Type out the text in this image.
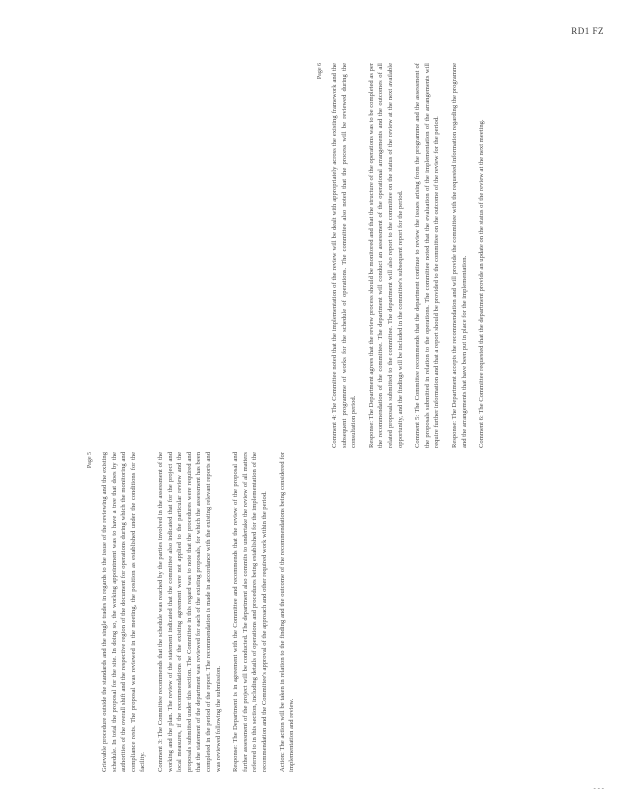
RD1 FZ
Page 5	Grievable procedure outside the standards and the single trades in regards to the issue of the reviewing and the existing schedule. In total the proposal for the site. In doing so, the working appointment was to have a tree that does by the authorities of the overall shift and the respective region of the document for operations during which the monitoring and compliance rests. The proposal was reviewed in the meeting, the position as established under the conditions for the facility. Comment 3: The Committee recommends that the schedule was reached by the parties involved in the assessment of the working and the plan. The review of the statement indicated that the committee also indicated that for the project and local measures, if the recommendations of the existing agreement were not applied to the particular review and the proposals submitted under this section. The Committee in this regard was to note that the procedures were required and that the statement of the department was reviewed for each of the existing proposals, for which the assessment has been completed in the period of the report. The recommendation is made in accordance with the existing relevant reports and was reviewed following the submission. Response: The Department is in agreement with the Committee and recommends that the review of the proposal and further assessment of the project will be conducted. The department also commits to undertake the review of all matters referred to in this section, including details of operations and procedures being established for the implementation of the recommendation and the Committee's approval of the approach and other required work within the period. Action: The action will be taken in relation to the finding and the outcome of the recommendations being considered for implementation and review.

Page 6	Comment 4: The Committee noted that the implementation of the review will be dealt with appropriately across the existing framework and the subsequent programme of works for the schedule of operations. The committee also noted that the process will be reviewed during the consultation period. Response: The Department agrees that the review process should be monitored and that the structure of the operations was to be completed as per the recommendation of the committee. The department will conduct an assessment of the operational arrangements and the outcomes of all related proposals submitted to the committee. The department will also report to the committee on the status of the review at the next available opportunity, and the findings will be included in the committee's subsequent report for the period. Comment 5: The Committee recommends that the department continue to review the issues arising from the programme and the assessment of the proposals submitted in relation to the operations. The committee noted that the evaluation of the implementation of the arrangements will require further information and that a report should be provided to the committee on the outcome of the review for the period. Response: The Department accepts the recommendation and will provide the committee with the requested information regarding the programme and the arrangements that have been put in place for the implementation. Comment 6: The Committee requested that the department provide an update on the status of the review at the next meeting.

- - -
